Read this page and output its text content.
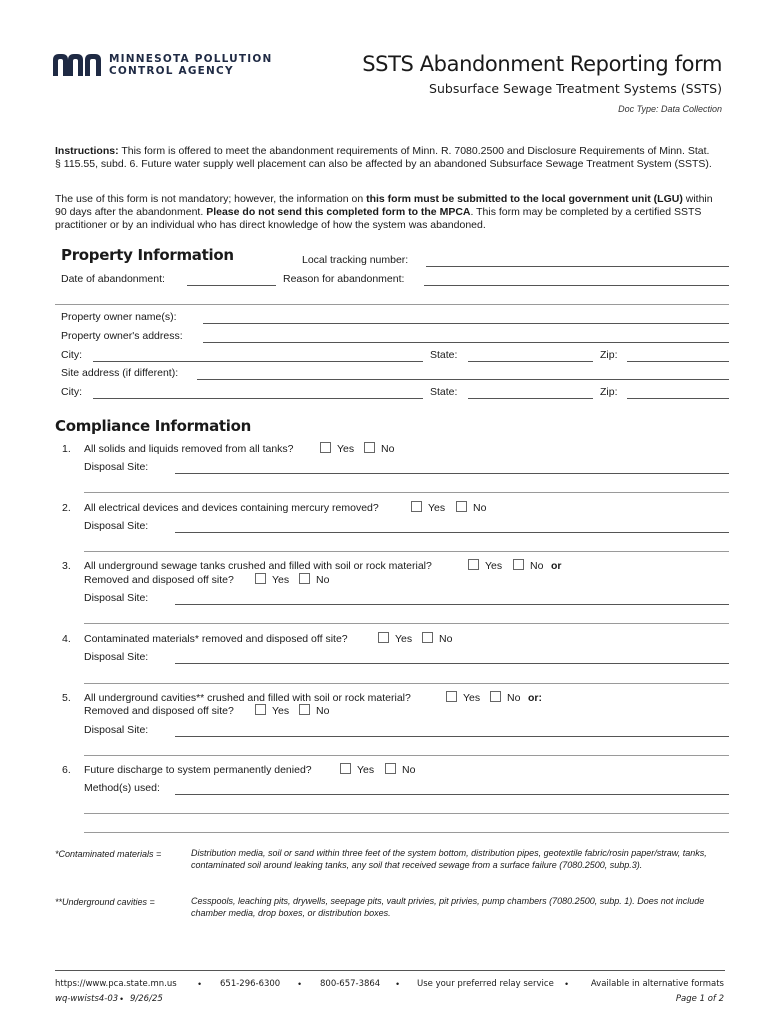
MINNESOTA POLLUTION
CONTROL AGENCY	SSTS Abandonment Reporting form
Subsurface Sewage Treatment Systems (SSTS)
Doc Type: Data Collection
Instructions: This form is offered to meet the abandonment requirements of Minn. R. 7080.2500 and Disclosure Requirements of Minn. Stat. § 115.55, subd. 6. Future water supply well placement can also be affected by an abandoned Subsurface Sewage Treatment System (SSTS).
The use of this form is not mandatory; however, the information on this form must be submitted to the local government unit (LGU) within 90 days after the abandonment. Please do not send this completed form to the MPCA. This form may be completed by a certified SSTS practitioner or by an individual who has direct knowledge of how the system was abandoned.
Property Information	Local tracking number:
Date of abandonment:	Reason for abandonment:
Property owner name(s):
Property owner's address:
City:	State:	Zip:
Site address (if different):
City:	State:	Zip:
Compliance Information
1. All solids and liquids removed from all tanks?	Yes	No
Disposal Site:
2. All electrical devices and devices containing mercury removed?	Yes	No
Disposal Site:
3. All underground sewage tanks crushed and filled with soil or rock material?	Yes	No or
Removed and disposed off site?	Yes	No
Disposal Site:
4. Contaminated materials* removed and disposed off site?	Yes	No
Disposal Site:
5. All underground cavities** crushed and filled with soil or rock material?	Yes	No or:
Removed and disposed off site?	Yes	No
Disposal Site:
6. Future discharge to system permanently denied?	Yes	No
Method(s) used:
*Contaminated materials =	Distribution media, soil or sand within three feet of the system bottom, distribution pipes, geotextile fabric/rosin paper/straw, tanks, contaminated soil around leaking tanks, any soil that received sewage from a surface failure (7080.2500, subp.3).
**Underground cavities =	Cesspools, leaching pits, drywells, seepage pits, vault privies, pit privies, pump chambers (7080.2500, subp. 1). Does not include chamber media, drop boxes, or distribution boxes.
https://www.pca.state.mn.us • 651-296-6300 • 800-657-3864 • Use your preferred relay service •	Available in alternative formats
wq-wwists4-03 • 9/26/25	Page 1 of 2
